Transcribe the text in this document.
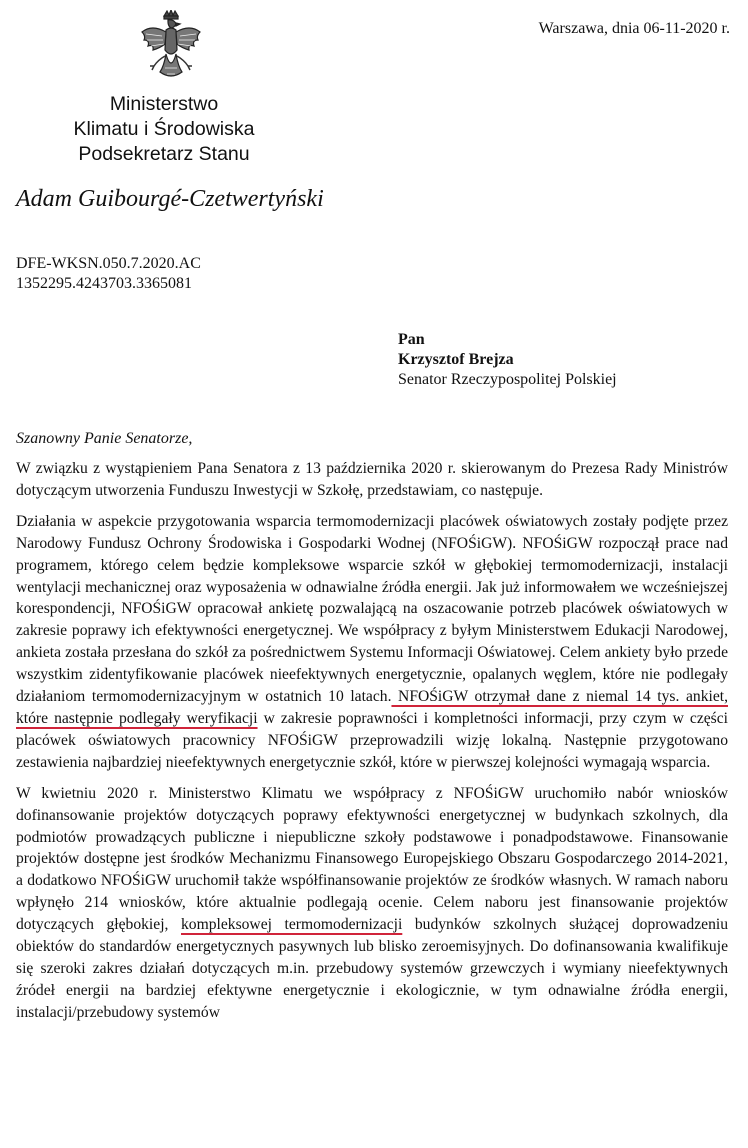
Warszawa, dnia 06-11-2020 r.
Ministerstwo
Klimatu i Środowiska
Podsekretarz Stanu
Adam Guibourgé-Czetwertyński
DFE-WKSN.050.7.2020.AC
1352295.4243703.3365081
Pan
Krzysztof Brejza
Senator Rzeczypospolitej Polskiej
Szanowny Panie Senatorze,

W związku z wystąpieniem Pana Senatora z 13 października 2020 r. skierowanym do Prezesa Rady Ministrów dotyczącym utworzenia Funduszu Inwestycji w Szkołę, przedstawiam, co następuje.

Działania w aspekcie przygotowania wsparcia termomodernizacji placówek oświatowych zostały podjęte przez Narodowy Fundusz Ochrony Środowiska i Gospodarki Wodnej (NFOŚiGW). NFOŚiGW rozpoczął prace nad programem, którego celem będzie kompleksowe wsparcie szkół w głębokiej termomodernizacji, instalacji wentylacji mechanicznej oraz wyposażenia w odnawialne źródła energii. Jak już informowałem we wcześniejszej korespondencji, NFOŚiGW opracował ankietę pozwalającą na oszacowanie potrzeb placówek oświatowych w zakresie poprawy ich efektywności energetycznej. We współpracy z byłym Ministerstwem Edukacji Narodowej, ankieta została przesłana do szkół za pośrednictwem Systemu Informacji Oświatowej. Celem ankiety było przede wszystkim zidentyfikowanie placówek nieefektywnych energetycznie, opalanych węglem, które nie podlegały działaniom termomodernizacyjnym w ostatnich 10 latach. NFOŚiGW otrzymał dane z niemal 14 tys. ankiet, które następnie podlegały weryfikacji w zakresie poprawności i kompletności informacji, przy czym w części placówek oświatowych pracownicy NFOŚiGW przeprowadzili wizję lokalną. Następnie przygotowano zestawienia najbardziej nieefektywnych energetycznie szkół, które w pierwszej kolejności wymagają wsparcia.

W kwietniu 2020 r. Ministerstwo Klimatu we współpracy z NFOŚiGW uruchomiło nabór wniosków dofinansowanie projektów dotyczących poprawy efektywności energetycznej w budynkach szkolnych, dla podmiotów prowadzących publiczne i niepubliczne szkoły podstawowe i ponadpodstawowe. Finansowanie projektów dostępne jest środków Mechanizmu Finansowego Europejskiego Obszaru Gospodarczego 2014-2021, a dodatkowo NFOŚiGW uruchomił także współfinansowanie projektów ze środków własnych. W ramach naboru wpłynęło 214 wniosków, które aktualnie podlegają ocenie. Celem naboru jest finansowanie projektów dotyczących głębokiej, kompleksowej termomodernizacji budynków szkolnych służącej doprowadzeniu obiektów do standardów energetycznych pasywnych lub blisko zeroemisyjnych. Do dofinansowania kwalifikuje się szeroki zakres działań dotyczących m.in. przebudowy systemów grzewczych i wymiany nieefektywnych źródeł energii na bardziej efektywne energetycznie i ekologicznie, w tym odnawialne źródła energii, instalacji/przebudowy systemów
